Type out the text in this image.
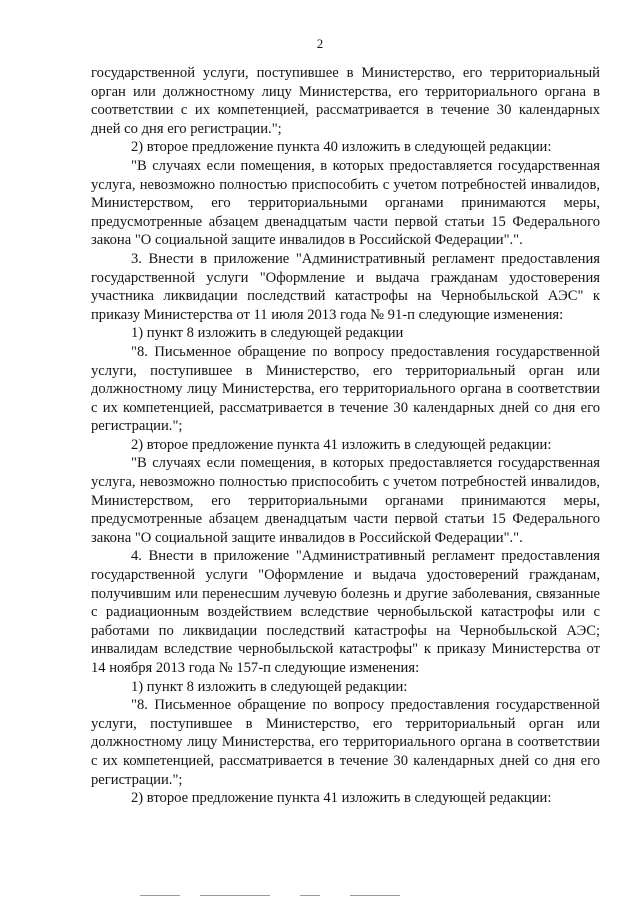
2

государственной услуги, поступившее в Министерство, его территориальный орган или должностному лицу Министерства, его территориального органа в соответствии с их компетенцией, рассматривается в течение 30 календарных дней со дня его регистрации.";

2) второе предложение пункта 40 изложить в следующей редакции:

"В случаях если помещения, в которых предоставляется государственная услуга, невозможно полностью приспособить с учетом потребностей инвалидов, Министерством, его территориальными органами принимаются меры, предусмотренные абзацем двенадцатым части первой статьи 15 Федерального закона "О социальной защите инвалидов в Российской Федерации".".

3. Внести в приложение "Административный регламент предоставления государственной услуги "Оформление и выдача гражданам удостоверения участника ликвидации последствий катастрофы на Чернобыльской АЭС" к приказу Министерства от 11 июля 2013 года № 91-п следующие изменения:

1) пункт 8 изложить в следующей редакции

"8. Письменное обращение по вопросу предоставления государственной услуги, поступившее в Министерство, его территориальный орган или должностному лицу Министерства, его территориального органа в соответствии с их компетенцией, рассматривается в течение 30 календарных дней со дня его регистрации.";

2) второе предложение пункта 41 изложить в следующей редакции:

"В случаях если помещения, в которых предоставляется государственная услуга, невозможно полностью приспособить с учетом потребностей инвалидов, Министерством, его территориальными органами принимаются меры, предусмотренные абзацем двенадцатым части первой статьи 15 Федерального закона "О социальной защите инвалидов в Российской Федерации".".

4. Внести в приложение "Административный регламент предоставления государственной услуги "Оформление и выдача удостоверений гражданам, получившим или перенесшим лучевую болезнь и другие заболевания, связанные с радиационным воздействием вследствие чернобыльской катастрофы или с работами по ликвидации последствий катастрофы на Чернобыльской АЭС; инвалидам вследствие чернобыльской катастрофы" к приказу Министерства от 14 ноября 2013 года № 157-п следующие изменения:

1) пункт 8 изложить в следующей редакции:

"8. Письменное обращение по вопросу предоставления государственной услуги, поступившее в Министерство, его территориальный орган или должностному лицу Министерства, его территориального органа в соответствии с их компетенцией, рассматривается в течение 30 календарных дней со дня его регистрации.";

2) второе предложение пункта 41 изложить в следующей редакции:
